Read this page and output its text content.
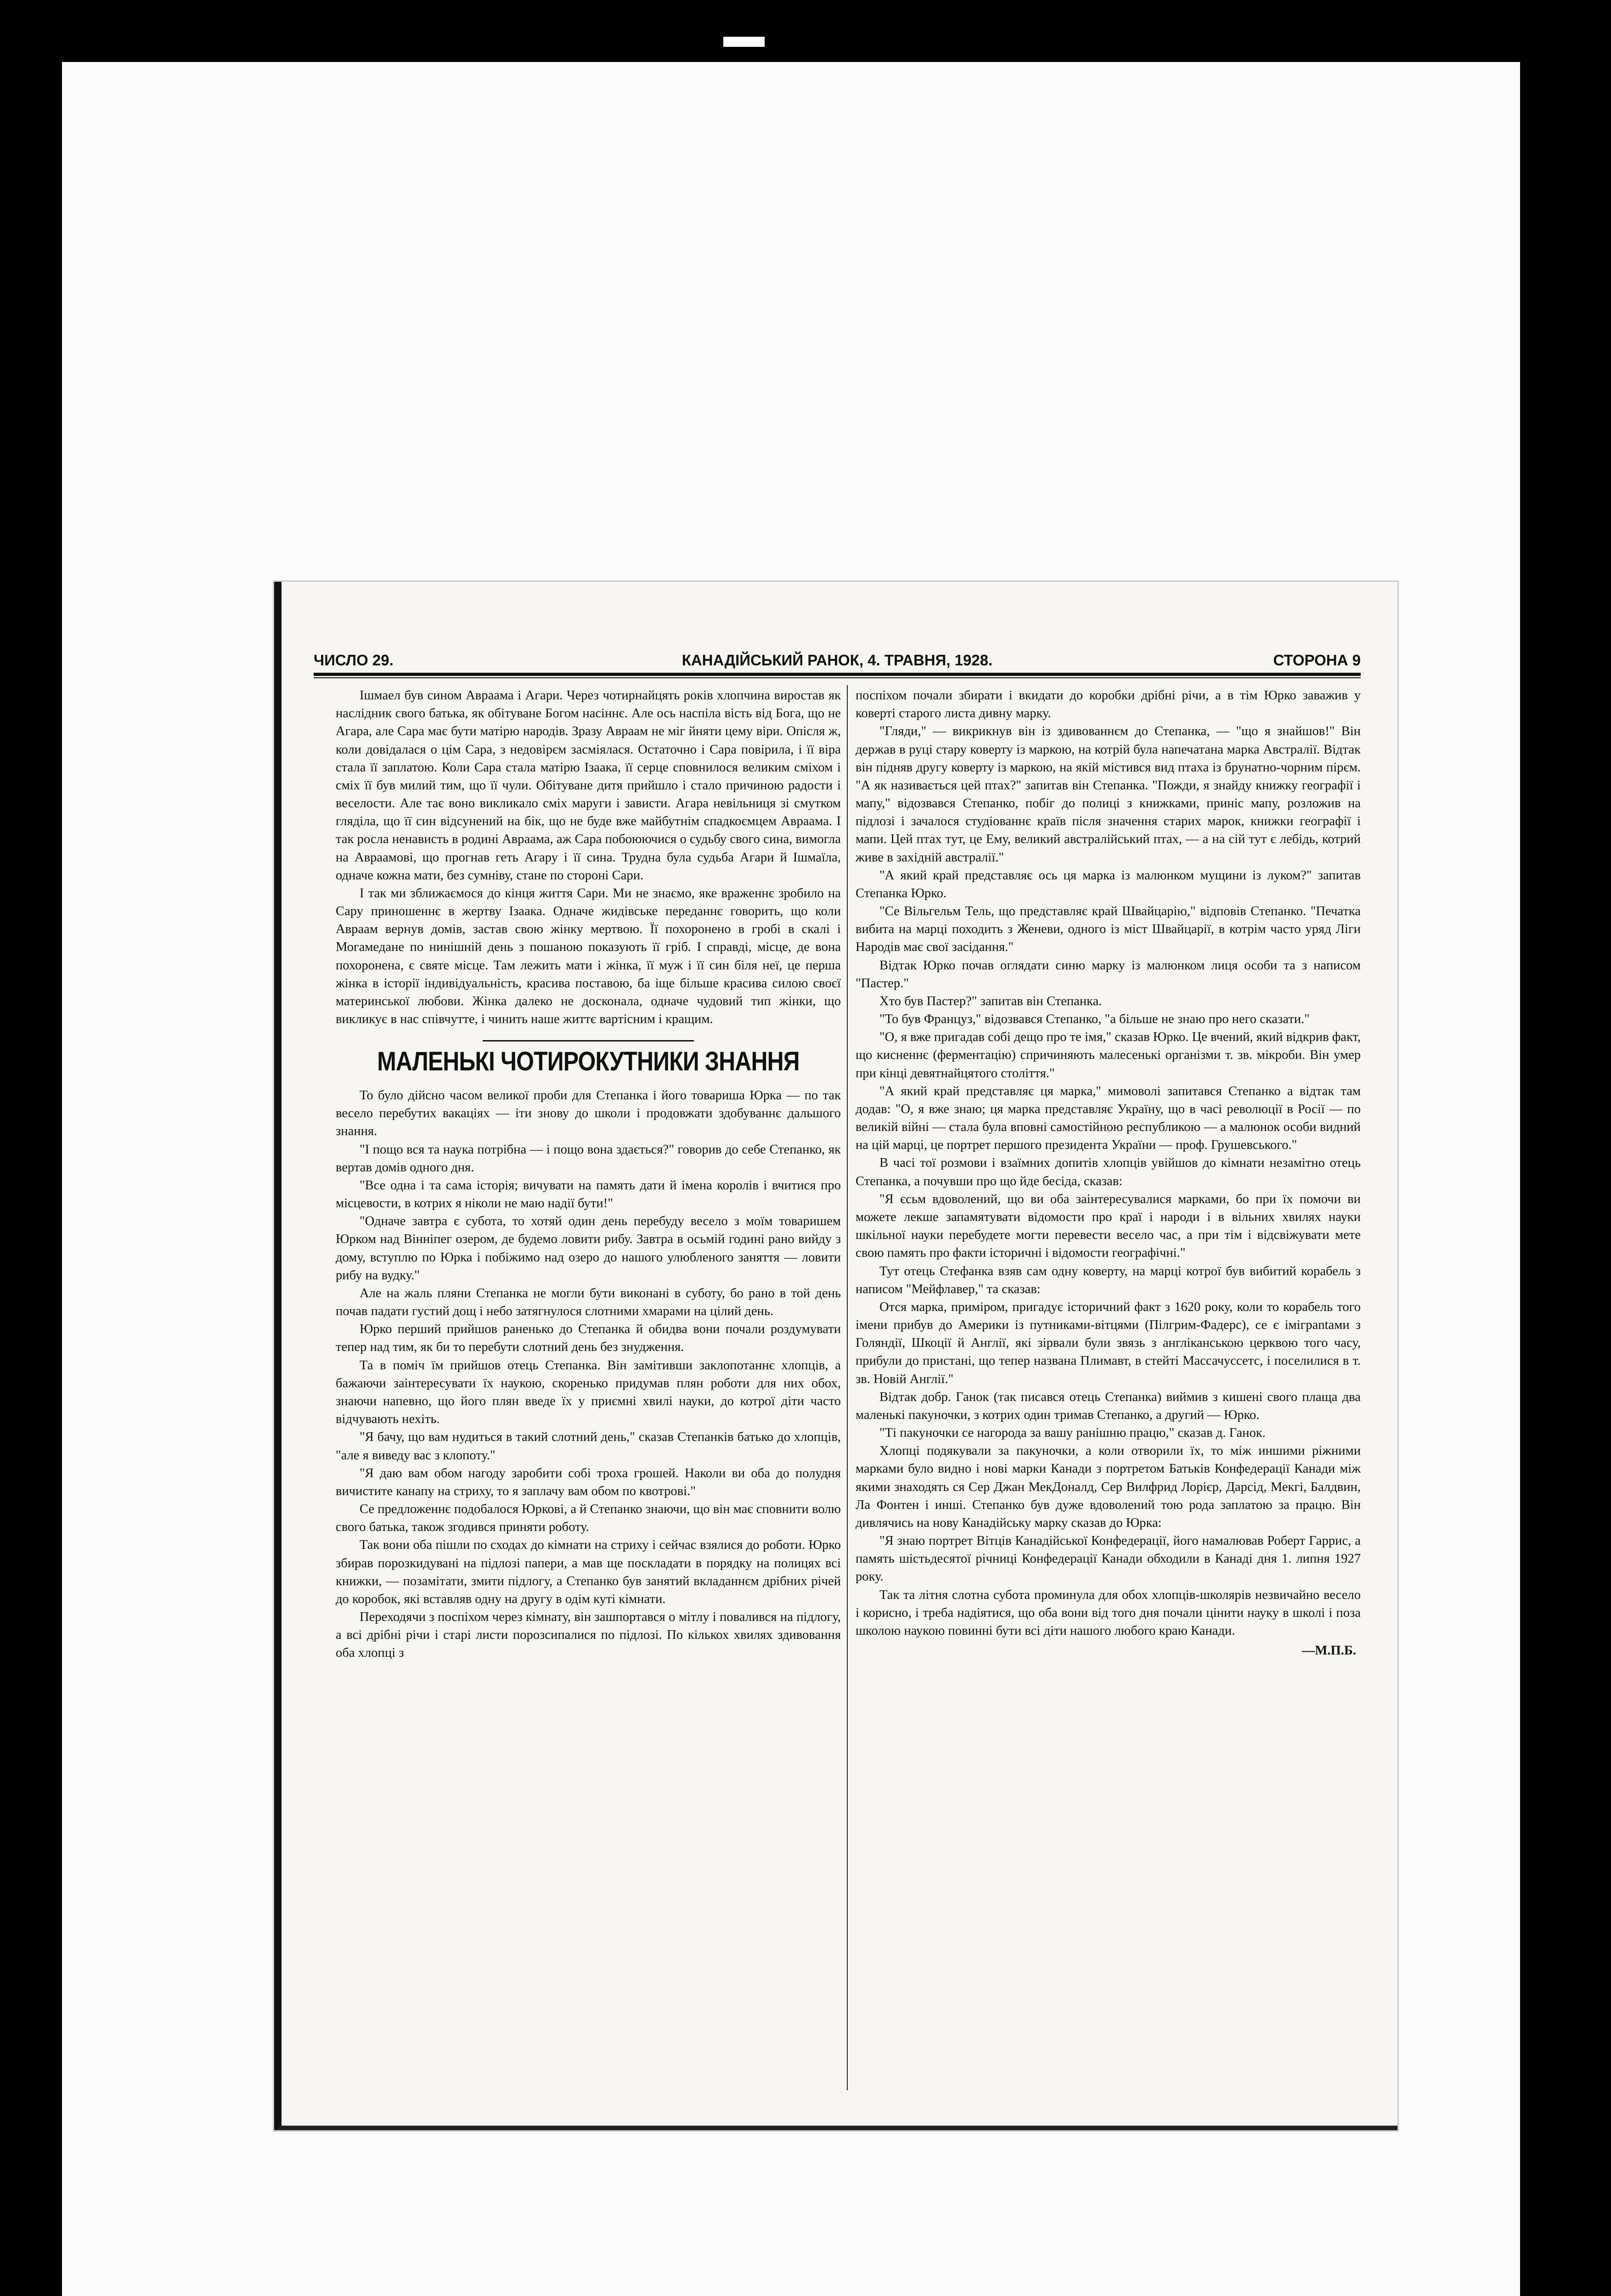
ЧИСЛО 29.	КАНАДІЙСЬКИЙ РАНОК, 4. ТРАВНЯ, 1928.	СТОРОНА 9

Ішмаел був сином Авраама і Агари. Через чотирнайцять років хлопчина виростав як наслідник свого батька, як обітуване Богом насіннє. Але ось наспіла вість від Бога, що не Агара, але Сара має бути матірю народів. Зразу Авраам не міг йняти цему віри. Опісля ж, коли довідалася о цім Сара, з недовірєм засміялася. Остаточно і Сара повірила, і її віра стала її заплатою. Коли Сара стала матірю Ізаака, її серце сповнилося великим сміхом і сміх її був милий тим, що її чули. Обітуване дитя прийшло і стало причиною радости і веселости. Але тає воно викликало сміх маруги і зависти. Агара невільниця зі смутком гляділа, що її син відсунений на бік, що не буде вже майбутнім спадкоємцем Авраама. І так росла ненависть в родині Авраама, аж Сара побоюючися о судьбу свого сина, вимогла на Авраамові, що прогнав геть Агару і її сина. Трудна була судьба Агари й Ішмаїла, одначе кожна мати, без сумніву, стане по стороні Сари.

І так ми зближаємося до кінця життя Сари. Ми не знаємо, яке враженнє зробило на Сару приношеннє в жертву Ізаака. Одначе жидівське переданнє говорить, що коли Авраам вернув домів, застав свою жінку мертвою. Її похоронено в гробі в скалі і Могамедане по нинішній день з пошаною показують її гріб. І справді, місце, де вона похоронена, є святе місце. Там лежить мати і жінка, її муж і її син біля неї, це перша жінка в історії індивідуальність, красива поставою, ба іще більше красива силою своєї материнської любови. Жінка далеко не досконала, одначе чудовий тип жінки, що викликує в нас співчутте, і чинить наше життє вартісним і кращим.

МАЛЕНЬКІ ЧОТИРОКУТНИКИ ЗНАННЯ

То було дійсно часом великої проби для Степанка і його товариша Юрка — по так весело перебутих вакаціях — іти знову до школи і продовжати здобуваннє дальшого знання.

"І пощо вся та наука потрібна — і пощо вона здається?" говорив до себе Степанко, як вертав домів одного дня.

"Все одна і та сама історія; вичувати на память дати й імена королів і вчитися про місцевости, в котрих я ніколи не маю надії бути!"

"Одначе завтра є субота, то хотяй один день перебуду весело з моїм товаришем Юрком над Вінніпег озером, де будемо ловити рибу. Завтра в осьмій годині рано вийду з дому, вступлю по Юрка і побіжимо над озеро до нашого улюбленого заняття — ловити рибу на вудку."

Але на жаль пляни Степанка не могли бути виконані в суботу, бо рано в той день почав падати густий дощ і небо затягнулося слотними хмарами на цілий день.

Юрко перший прийшов раненько до Степанка й обидва вони почали роздумувати тепер над тим, як би то перебути слотний день без знудження.

Та в поміч їм прийшов отець Степанка. Він замітивши заклопотаннє хлопців, а бажаючи заінтересувати їх наукою, скоренько придумав плян роботи для них обох, знаючи напевно, що його плян введе їх у приємні хвилі науки, до котрої діти часто відчувають нехіть.

"Я бачу, що вам нудиться в такий слотний день," сказав Степанків батько до хлопців, "але я виведу вас з клопоту."

"Я даю вам обом нагоду заробити собі троха грошей. Наколи ви оба до полудня вичистите канапу на стриху, то я заплачу вам обом по квотрові."

Се предложеннє подобалося Юркові, а й Степанко знаючи, що він має сповнити волю свого батька, також згодився приняти роботу.

Так вони оба пішли по сходах до кімнати на стриху і сейчас взялися до роботи. Юрко збирав порозкидувані на підлозі папери, а мав ще поскладати в порядку на полицях всі книжки, — позамітати, змити підлогу, а Степанко був занятий вкладаннєм дрібних річей до коробок, які вставляв одну на другу в одім куті кімнати.

Переходячи з поспіхом через кімнату, він зашпортався о мітлу і повалився на підлогу, а всі дрібні річи і старі листи порозсипалися по підлозі. По кількох хвилях здивовання оба хлопці з

поспіхом почали збирати і вкидати до коробки дрібні річи, а в тім Юрко заважив у коверті старого листа дивну марку.

"Гляди," — викрикнув він із здивованнєм до Степанка, — "що я знайшов!" Він держав в руці стару коверту із маркою, на котрій була напечатана марка Австралії. Відтак він підняв другу коверту із маркою, на якій містився вид птаха із брунатно-чорним пірєм. "А як називається цей птах?" запитав він Степанка. "Пожди, я знайду книжку географії і мапу," відозвався Степанко, побіг до полиці з книжками, приніс мапу, розложив на підлозі і зачалося студіованнє країв після значення старих марок, книжки географії і мапи. Цей птах тут, це Ему, великий австралійський птах, — а на сій тут є лебідь, котрий живе в західній австралії."

"А який край представляє ось ця марка із малюнком мущини із луком?" запитав Степанка Юрко.

"Се Вільгельм Тель, що представляє край Швайцарію," відповів Степанко. "Печатка вибита на марці походить з Женеви, одного із міст Швайцарії, в котрім часто уряд Ліги Народів має свої засідання."

Відтак Юрко почав оглядати синю марку із малюнком лиця особи та з написом "Пастер."

Хто був Пастер?" запитав він Степанка.

"То був Француз," відозвався Степанко, "а більше не знаю про него сказати."

"О, я вже пригадав собі дещо про те імя," сказав Юрко. Це вчений, який відкрив факт, що кисненнє (ферментацію) спричиняють малесенькі організми т. зв. мікроби. Він умер при кінці девятнайцятого століття."

"А який край представляє ця марка," мимоволі запитався Степанко а відтак там додав: "О, я вже знаю; ця марка представляє Україну, що в часі революції в Росії — по великій війні — стала була вповні самостійною республикою — а малюнок особи видний на цій марці, це портрет першого президента України — проф. Грушевського."

В часі тої розмови і взаїмних допитів хлопців увійшов до кімнати незамітно отець Степанка, а почувши про що йде бесіда, сказав:

"Я єсьм вдоволений, що ви оба заінтересувалися марками, бо при їх помочи ви можете лекше запамятувати відомости про краї і народи і в вільних хвилях науки шкільної науки перебудете могти перевести весело час, а при тім і відсвіжувати мете свою память про факти історичні і відомости географічні."

Тут отець Стефанка взяв сам одну коверту, на марці котрої був вибитий корабель з написом "Мейфлавер," та сказав:

Отся марка, приміром, пригадує історичний факт з 1620 року, коли то корабель того імени прибув до Америки із путниками-вітцями (Пілгрим-Фадерс), се є іміграntами з Голяндії, Шкоції й Англії, які зірвали були звязь з англіканською церквою того часу, прибули до пристані, що тепер названа Плимавт, в стейті Массачуссетс, і поселилися в т. зв. Новій Англії."

Відтак добр. Ганок (так писався отець Степанка) виймив з кишені свого плаща два маленькі пакуночки, з котрих один тримав Степанко, а другий — Юрко.

"Ті пакуночки се нагорода за вашу ранішню працю," сказав д. Ганок.

Хлопці подякували за пакуночки, а коли отворили їх, то між иншими ріжними марками було видно і нові марки Канади з портретом Батьків Конфедерації Канади між якими знаходять ся Сер Джан МекДоналд, Сер Вилфрид Лорієр, Дарсід, Мекгі, Балдвин, Ла Фонтен і инші. Степанко був дуже вдоволений тою рода заплатою за працю. Він дивлячись на нову Канадійську марку сказав до Юрка:

"Я знаю портрет Вітців Канадійської Конфедерації, його намалював Роберт Гаррис, а память шістьдесятої річниці Конфедерації Канади обходили в Канаді дня 1. липня 1927 року.

Так та літня слотна субота проминула для обох хлопців-школярів незвичайно весело і корисно, і треба надіятися, що оба вони від того дня почали цінити науку в школі і поза школою наукою повинні бути всі діти нашого любого краю Канади.

—М.П.Б.
